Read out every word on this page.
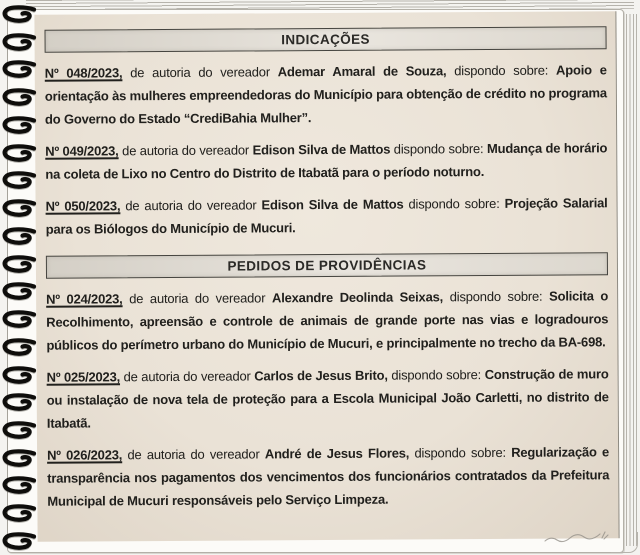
INDICAÇÕES

Nº 048/2023, de autoria do vereador Ademar Amaral de Souza, dispondo sobre: Apoio e orientação às mulheres empreendedoras do Município para obtenção de crédito no programa do Governo do Estado “CrediBahia Mulher”.

Nº 049/2023, de autoria do vereador Edison Silva de Mattos dispondo sobre: Mudança de horário na coleta de Lixo no Centro do Distrito de Itabatã para o período noturno.

Nº 050/2023, de autoria do vereador Edison Silva de Mattos dispondo sobre: Projeção Salarial para os Biólogos do Município de Mucuri.

PEDIDOS DE PROVIDÊNCIAS

Nº 024/2023, de autoria do vereador Alexandre Deolinda Seixas, dispondo sobre: Solicita o Recolhimento, apreensão e controle de animais de grande porte nas vias e logradouros públicos do perímetro urbano do Município de Mucuri, e principalmente no trecho da BA-698.

Nº 025/2023, de autoria do vereador Carlos de Jesus Brito, dispondo sobre: Construção de muro ou instalação de nova tela de proteção para a Escola Municipal João Carletti, no distrito de Itabatã.

Nº 026/2023, de autoria do vereador André de Jesus Flores, dispondo sobre: Regularização e transparência nos pagamentos dos vencimentos dos funcionários contratados da Prefeitura Municipal de Mucuri responsáveis pelo Serviço Limpeza.
